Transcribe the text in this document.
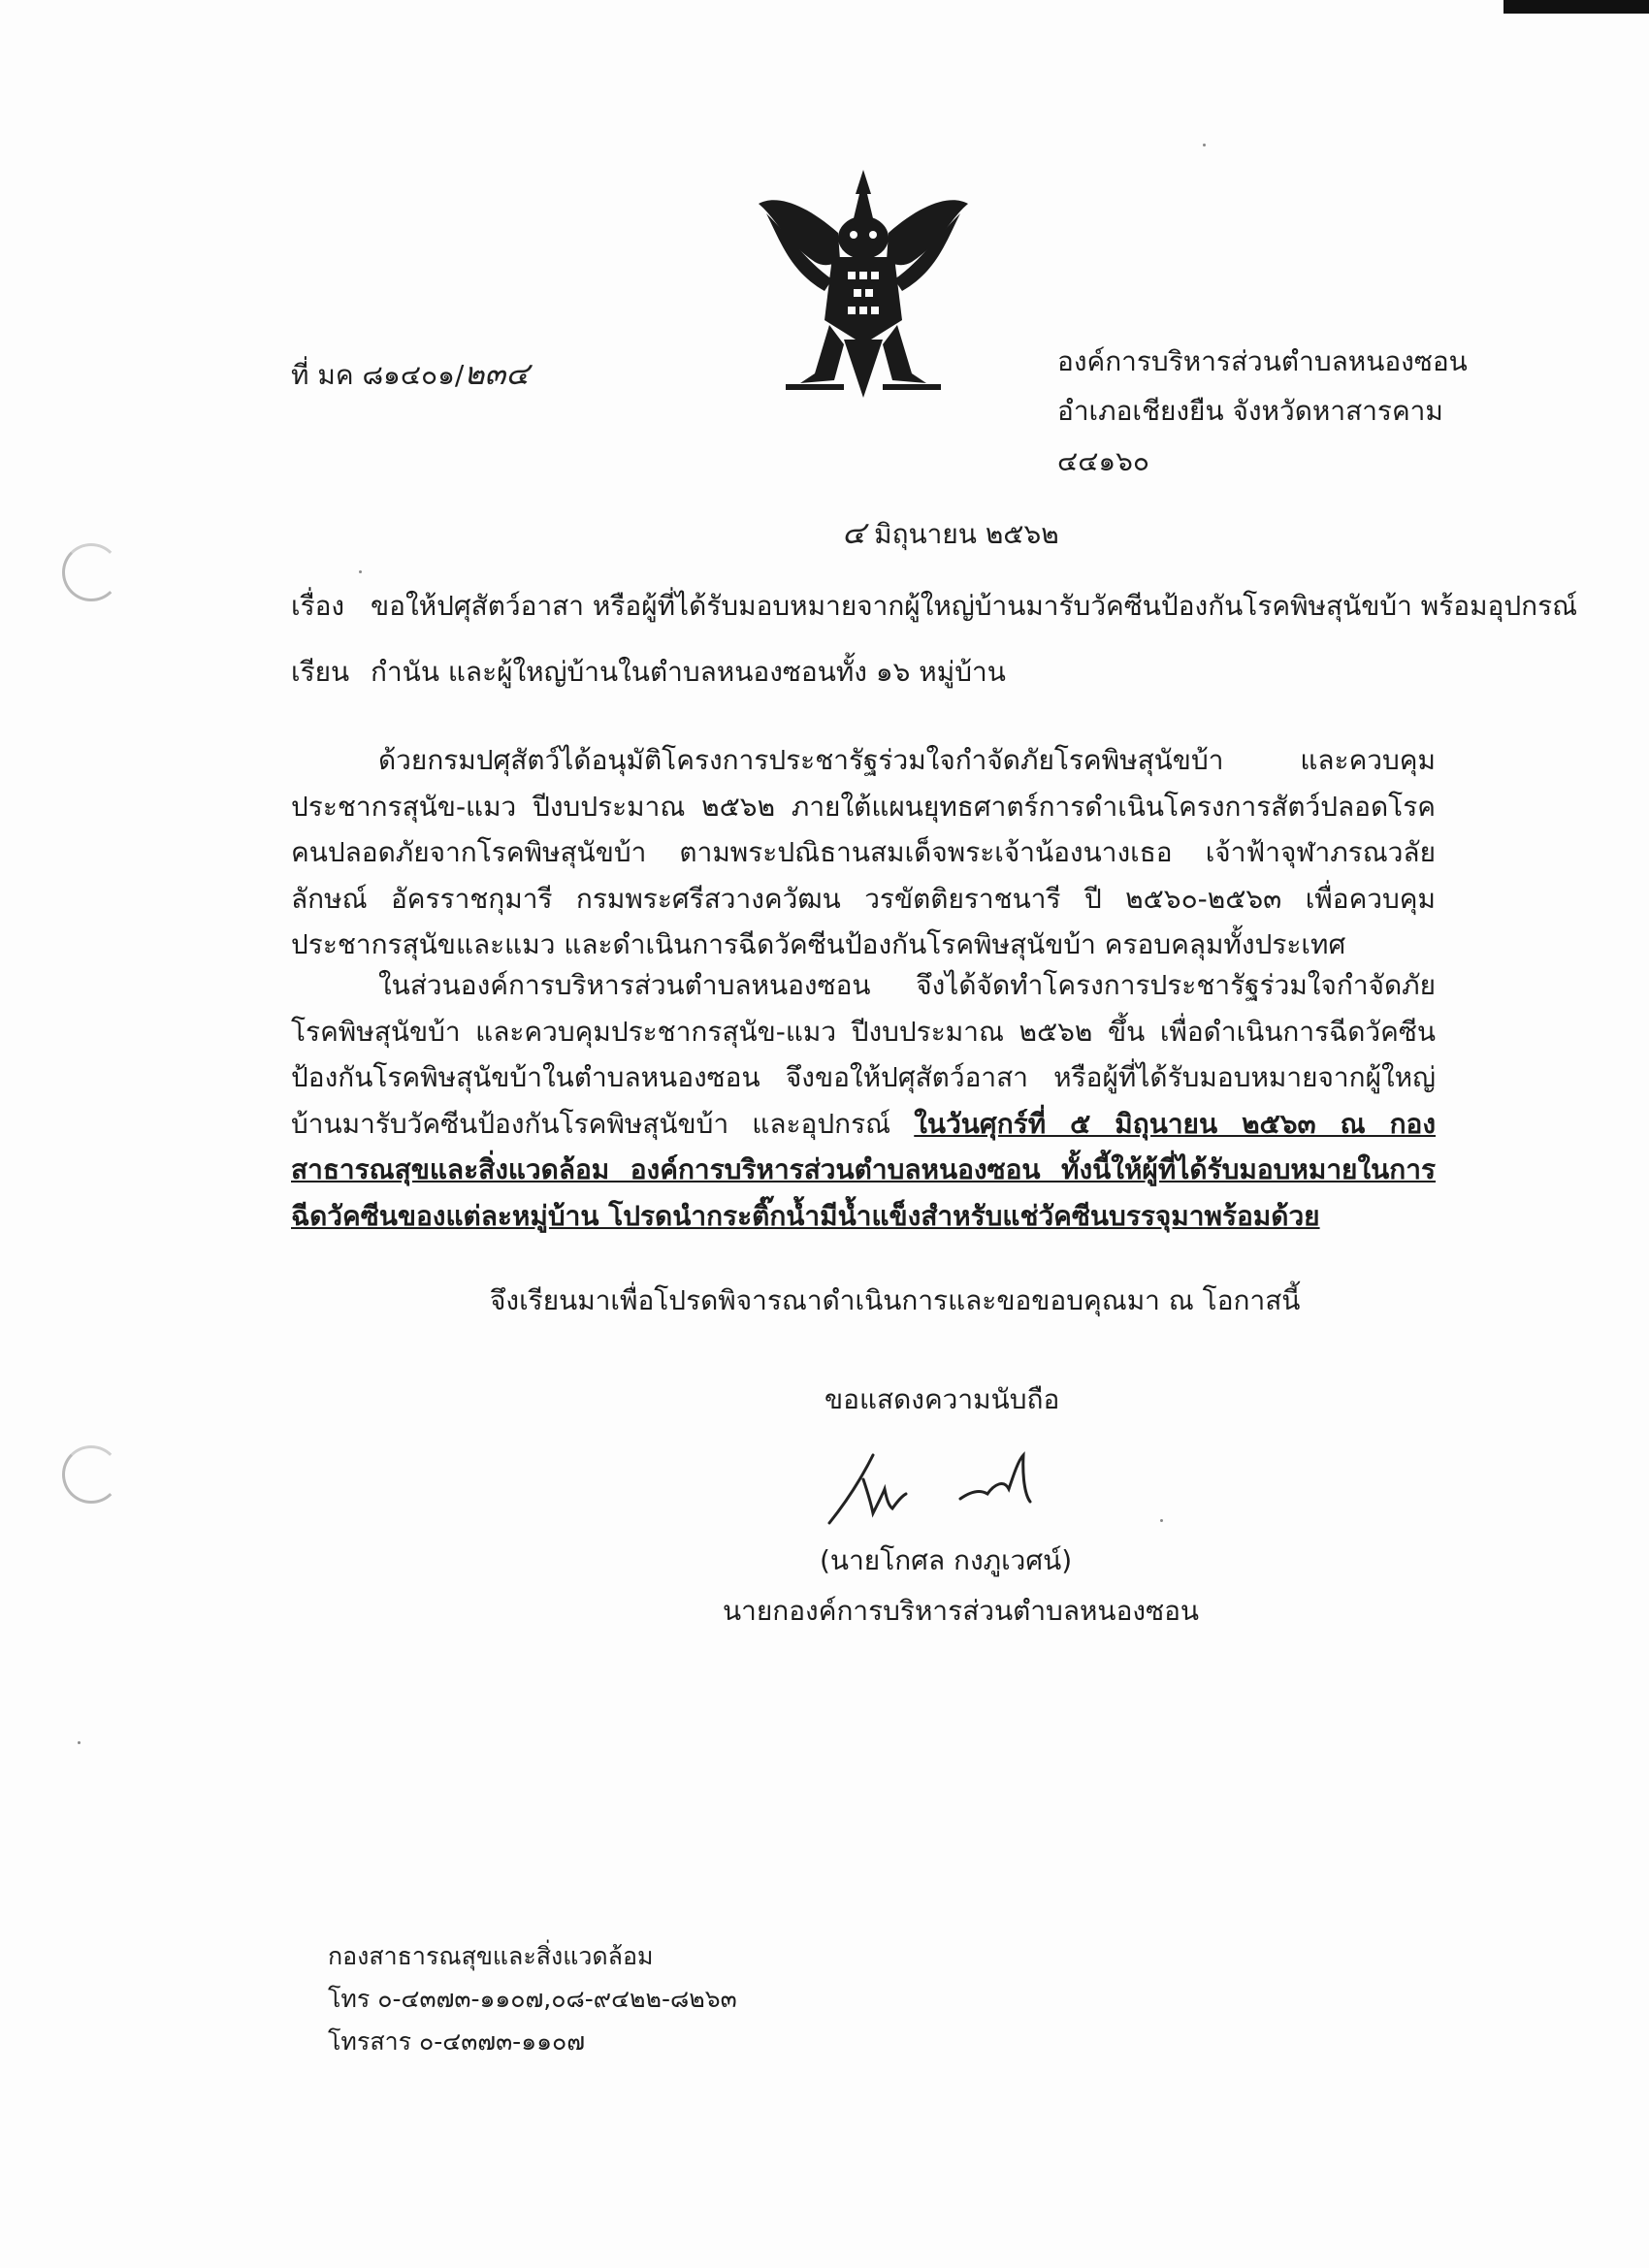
ที่ มค ๘๑๔๐๑/๒๓๔	องค์การบริหารส่วนตำบลหนองซอน
อำเภอเชียงยืน จังหวัดหาสารคาม
๔๔๑๖๐
๔ มิถุนายน ๒๕๖๒
เรื่อง ขอให้ปศุสัตว์อาสา หรือผู้ที่ได้รับมอบหมายจากผู้ใหญ่บ้านมารับวัคซีนป้องกันโรคพิษสุนัขบ้า พร้อมอุปกรณ์
เรียน กำนัน และผู้ใหญ่บ้านในตำบลหนองซอนทั้ง ๑๖ หมู่บ้าน
ด้วยกรมปศุสัตว์ได้อนุมัติโครงการประชารัฐร่วมใจกำจัดภัยโรคพิษสุนัขบ้า และควบคุมประชากรสุนัข-แมว ปีงบประมาณ ๒๕๖๒ ภายใต้แผนยุทธศาตร์การดำเนินโครงการสัตว์ปลอดโรคคนปลอดภัยจากโรคพิษสุนัขบ้า ตามพระปณิธานสมเด็จพระเจ้าน้องนางเธอ เจ้าฟ้าจุฬาภรณวลัยลักษณ์ อัครราชกุมารี กรมพระศรีสวางควัฒน วรขัตติยราชนารี ปี ๒๕๖๐-๒๕๖๓ เพื่อควบคุมประชากรสุนัขและแมว และดำเนินการฉีดวัคซีนป้องกันโรคพิษสุนัขบ้า ครอบคลุมทั้งประเทศ
ในส่วนองค์การบริหารส่วนตำบลหนองซอน จึงได้จัดทำโครงการประชารัฐร่วมใจกำจัดภัยโรคพิษสุนัขบ้า และควบคุมประชากรสุนัข-แมว ปีงบประมาณ ๒๕๖๒ ขึ้น เพื่อดำเนินการฉีดวัคซีนป้องกันโรคพิษสุนัขบ้าในตำบลหนองซอน จึงขอให้ปศุสัตว์อาสา หรือผู้ที่ได้รับมอบหมายจากผู้ใหญ่บ้านมารับวัคซีนป้องกันโรคพิษสุนัขบ้า และอุปกรณ์ ในวันศุกร์ที่ ๕ มิถุนายน ๒๕๖๓ ณ กองสาธารณสุขและสิ่งแวดล้อม องค์การบริหารส่วนตำบลหนองซอน ทั้งนี้ให้ผู้ที่ได้รับมอบหมายในการฉีดวัคซีนของแต่ละหมู่บ้าน โปรดนำกระติ๊กน้ำมีน้ำแข็งสำหรับแช่วัคซีนบรรจุมาพร้อมด้วย
จึงเรียนมาเพื่อโปรดพิจารณาดำเนินการและขอขอบคุณมา ณ โอกาสนี้
ขอแสดงความนับถือ
(นายโกศล กงภูเวศน์)
นายกองค์การบริหารส่วนตำบลหนองซอน
กองสาธารณสุขและสิ่งแวดล้อม
โทร ๐-๔๓๗๓-๑๑๐๗,๐๘-๙๔๒๒-๘๒๖๓
โทรสาร ๐-๔๓๗๓-๑๑๐๗
